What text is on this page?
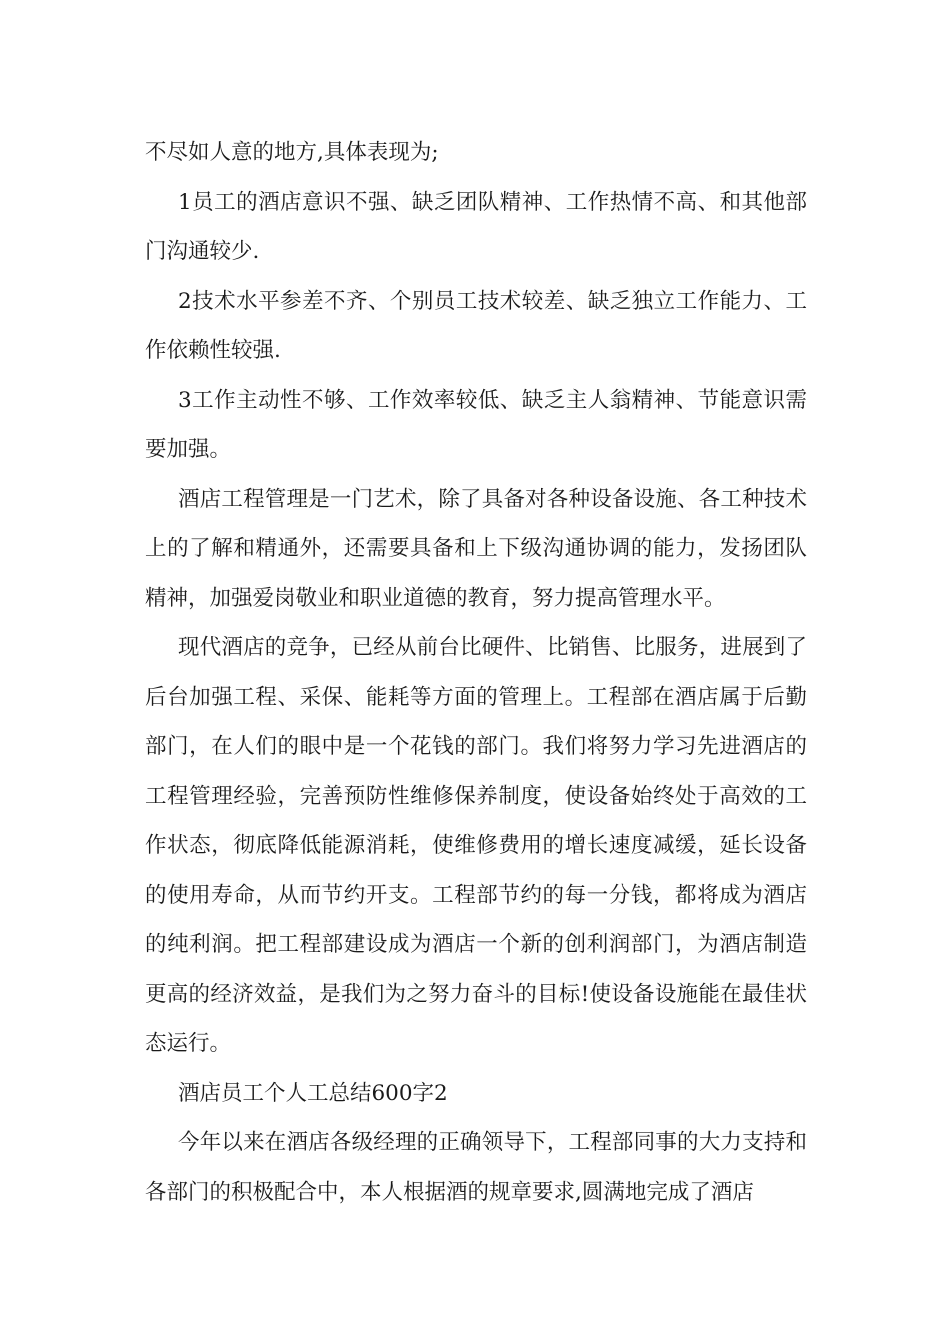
不尽如人意的地方,具体表现为;

1员工的酒店意识不强、缺乏团队精神、工作热情不高、和其他部门沟通较少.

2技术水平参差不齐、个别员工技术较差、缺乏独立工作能力、工作依赖性较强.

3工作主动性不够、工作效率较低、缺乏主人翁精神、节能意识需要加强。

酒店工程管理是一门艺术，除了具备对各种设备设施、各工种技术上的了解和精通外，还需要具备和上下级沟通协调的能力，发扬团队精神，加强爱岗敬业和职业道德的教育，努力提高管理水平。

现代酒店的竞争，已经从前台比硬件、比销售、比服务，进展到了后台加强工程、采保、能耗等方面的管理上。工程部在酒店属于后勤部门，在人们的眼中是一个花钱的部门。我们将努力学习先进酒店的工程管理经验，完善预防性维修保养制度，使设备始终处于高效的工作状态，彻底降低能源消耗，使维修费用的增长速度减缓，延长设备的使用寿命，从而节约开支。工程部节约的每一分钱，都将成为酒店的纯利润。把工程部建设成为酒店一个新的创利润部门，为酒店制造更高的经济效益，是我们为之努力奋斗的目标!使设备设施能在最佳状态运行。

酒店员工个人工总结600字2

今年以来在酒店各级经理的正确领导下，工程部同事的大力支持和各部门的积极配合中，本人根据酒的规章要求,圆满地完成了酒店
